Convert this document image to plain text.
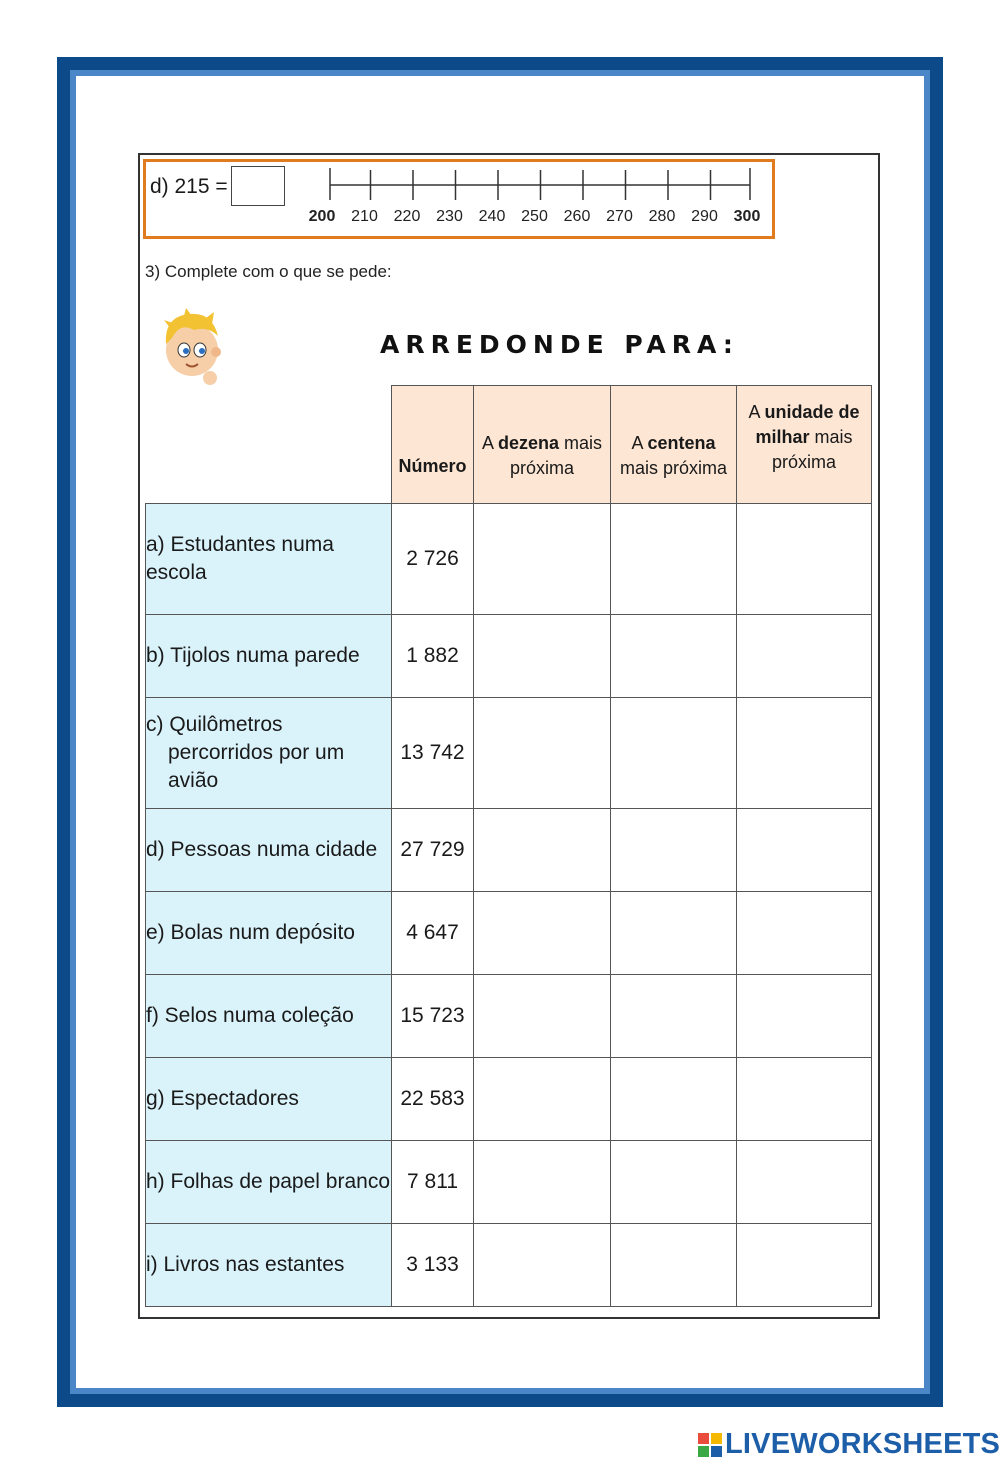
d) 215 =
200 210 220 230 240 250 260 270 280 290 300
3) Complete com o que se pede:
ARREDONDE PARA:
	Número	A dezena mais próxima	A centena mais próxima	A unidade de milhar mais próxima
a) Estudantes numa escola	2 726			
b) Tijolos numa parede	1 882			
c) Quilômetros percorridos por um avião	13 742			
d) Pessoas numa cidade	27 729			
e) Bolas num depósito	4 647			
f) Selos numa coleção	15 723			
g) Espectadores	22 583			
h) Folhas de papel branco	7 811			
i) Livros nas estantes	3 133			
LIVEWORKSHEETS
